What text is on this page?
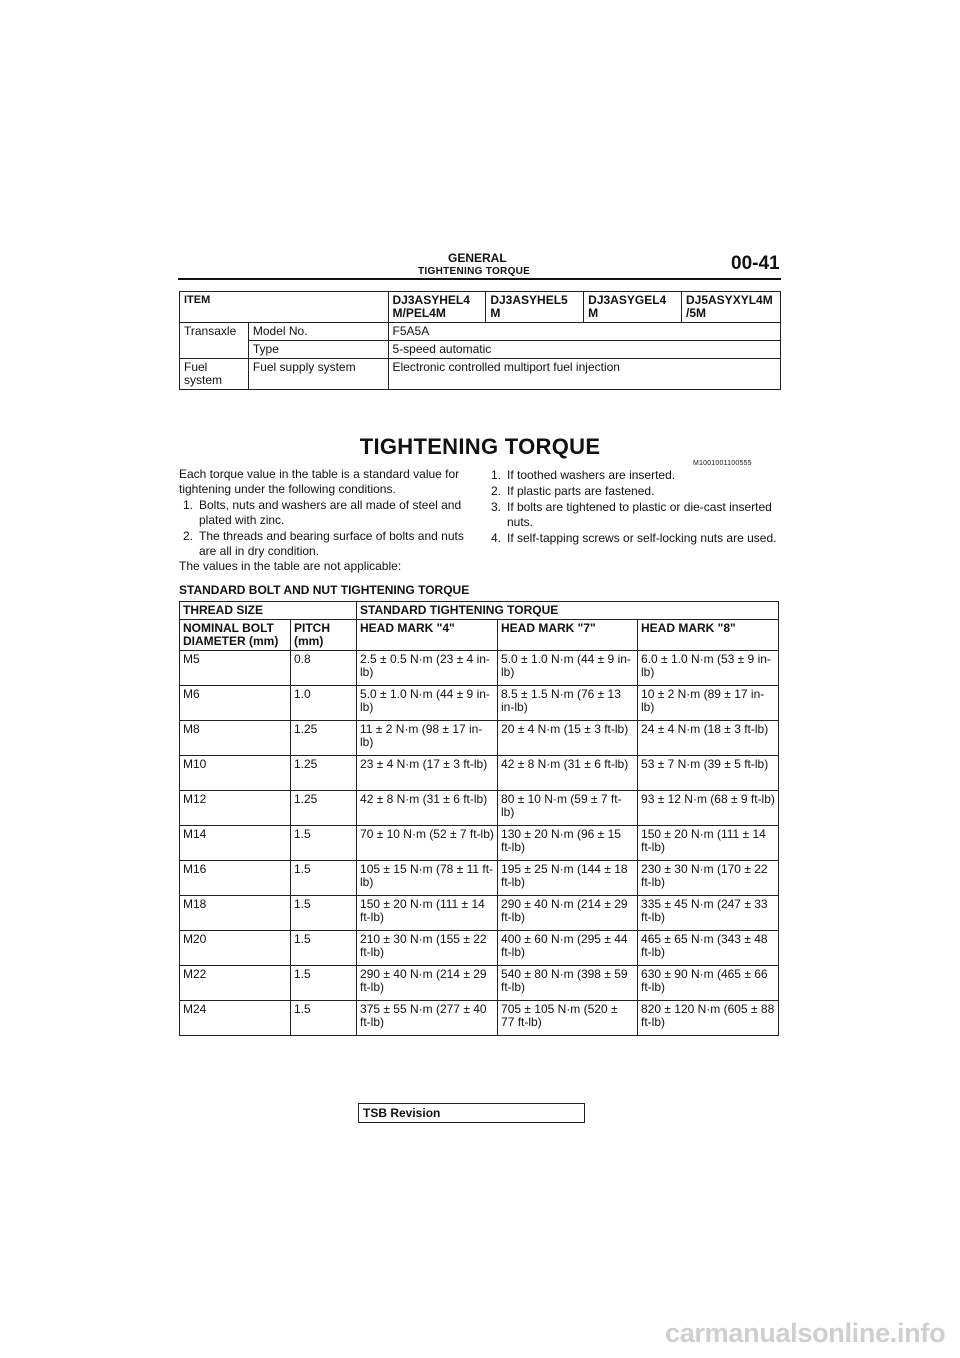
GENERAL
TIGHTENING TORQUE	00-41
ITEM		DJ3ASYHEL4 M/PEL4M	DJ3ASYHEL5 M	DJ3ASYGEL4 M	DJ5ASYXYL4M /5M
Transaxle	Model No.	F5A5A			
	Type	5-speed automatic			
Fuel system	Fuel supply system	Electronic controlled multiport fuel injection			
TIGHTENING TORQUE
M1001001100555
Each torque value in the table is a standard value for tightening under the following conditions.
1. Bolts, nuts and washers are all made of steel and plated with zinc.
2. The threads and bearing surface of bolts and nuts are all in dry condition.
The values in the table are not applicable:
1. If toothed washers are inserted.
2. If plastic parts are fastened.
3. If bolts are tightened to plastic or die-cast inserted nuts.
4. If self-tapping screws or self-locking nuts are used.
STANDARD BOLT AND NUT TIGHTENING TORQUE
THREAD SIZE		STANDARD TIGHTENING TORQUE		
NOMINAL BOLT DIAMETER (mm)	PITCH (mm)	HEAD MARK "4"	HEAD MARK "7"	HEAD MARK "8"
M5	0.8	2.5 ± 0.5 N·m (23 ± 4 in-lb)	5.0 ± 1.0 N·m (44 ± 9 in-lb)	6.0 ± 1.0 N·m (53 ± 9 in-lb)
M6	1.0	5.0 ± 1.0 N·m (44 ± 9 in-lb)	8.5 ± 1.5 N·m (76 ± 13 in-lb)	10 ± 2 N·m (89 ± 17 in-lb)
M8	1.25	11 ± 2 N·m (98 ± 17 in-lb)	20 ± 4 N·m (15 ± 3 ft-lb)	24 ± 4 N·m (18 ± 3 ft-lb)
M10	1.25	23 ± 4 N·m (17 ± 3 ft-lb)	42 ± 8 N·m (31 ± 6 ft-lb)	53 ± 7 N·m (39 ± 5 ft-lb)
M12	1.25	42 ± 8 N·m (31 ± 6 ft-lb)	80 ± 10 N·m (59 ± 7 ft-lb)	93 ± 12 N·m (68 ± 9 ft-lb)
M14	1.5	70 ± 10 N·m (52 ± 7 ft-lb)	130 ± 20 N·m (96 ± 15 ft-lb)	150 ± 20 N·m (111 ± 14 ft-lb)
M16	1.5	105 ± 15 N·m (78 ± 11 ft-lb)	195 ± 25 N·m (144 ± 18 ft-lb)	230 ± 30 N·m (170 ± 22 ft-lb)
M18	1.5	150 ± 20 N·m (111 ± 14 ft-lb)	290 ± 40 N·m (214 ± 29 ft-lb)	335 ± 45 N·m (247 ± 33 ft-lb)
M20	1.5	210 ± 30 N·m (155 ± 22 ft-lb)	400 ± 60 N·m (295 ± 44 ft-lb)	465 ± 65 N·m (343 ± 48 ft-lb)
M22	1.5	290 ± 40 N·m (214 ± 29 ft-lb)	540 ± 80 N·m (398 ± 59 ft-lb)	630 ± 90 N·m (465 ± 66 ft-lb)
M24	1.5	375 ± 55 N·m (277 ± 40 ft-lb)	705 ± 105 N·m (520 ± 77 ft-lb)	820 ± 120 N·m (605 ± 88 ft-lb)
TSB Revision
carmanualsonline.info
